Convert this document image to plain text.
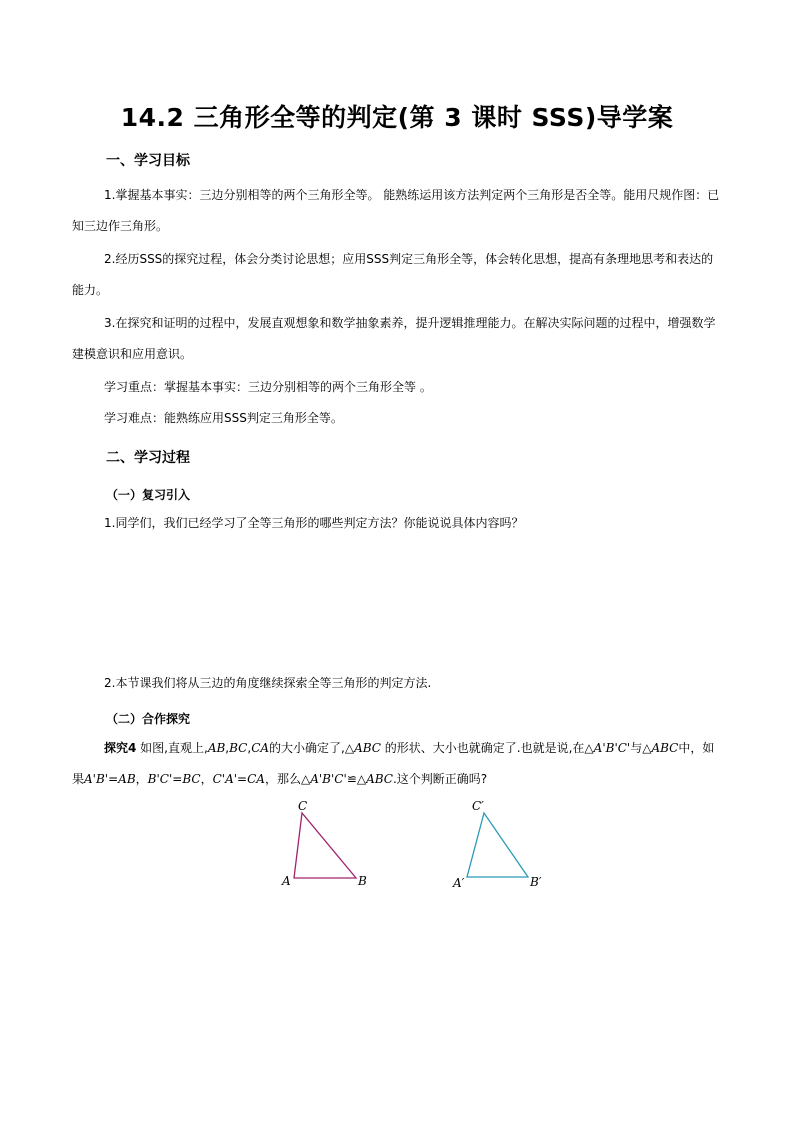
14.2 三角形全等的判定(第 3 课时 SSS)导学案
一、学习目标
1.掌握基本事实：三边分别相等的两个三角形全等。 能熟练运用该方法判定两个三角形是否全等。能用尺规作图：已知三边作三角形。
2.经历SSS的探究过程，体会分类讨论思想；应用SSS判定三角形全等，体会转化思想，提高有条理地思考和表达的能力。
3.在探究和证明的过程中，发展直观想象和数学抽象素养，提升逻辑推理能力。在解决实际问题的过程中，增强数学建模意识和应用意识。
学习重点：掌握基本事实：三边分别相等的两个三角形全等 。
学习难点：能熟练应用SSS判定三角形全等。
二、学习过程
（一）复习引入
1.同学们，我们已经学习了全等三角形的哪些判定方法？你能说说具体内容吗？
2.本节课我们将从三边的角度继续探索全等三角形的判定方法.
（二）合作探究
探究4 如图,直观上,AB,BC,CA的大小确定了,△ABC 的形状、大小也就确定了.也就是说,在△A'B'C'与△ABC中，如果A'B'=AB，B'C'=BC，C'A'=CA，那么△A'B'C'≌△ABC.这个判断正确吗?
C
A	B
C′
A′	B′
